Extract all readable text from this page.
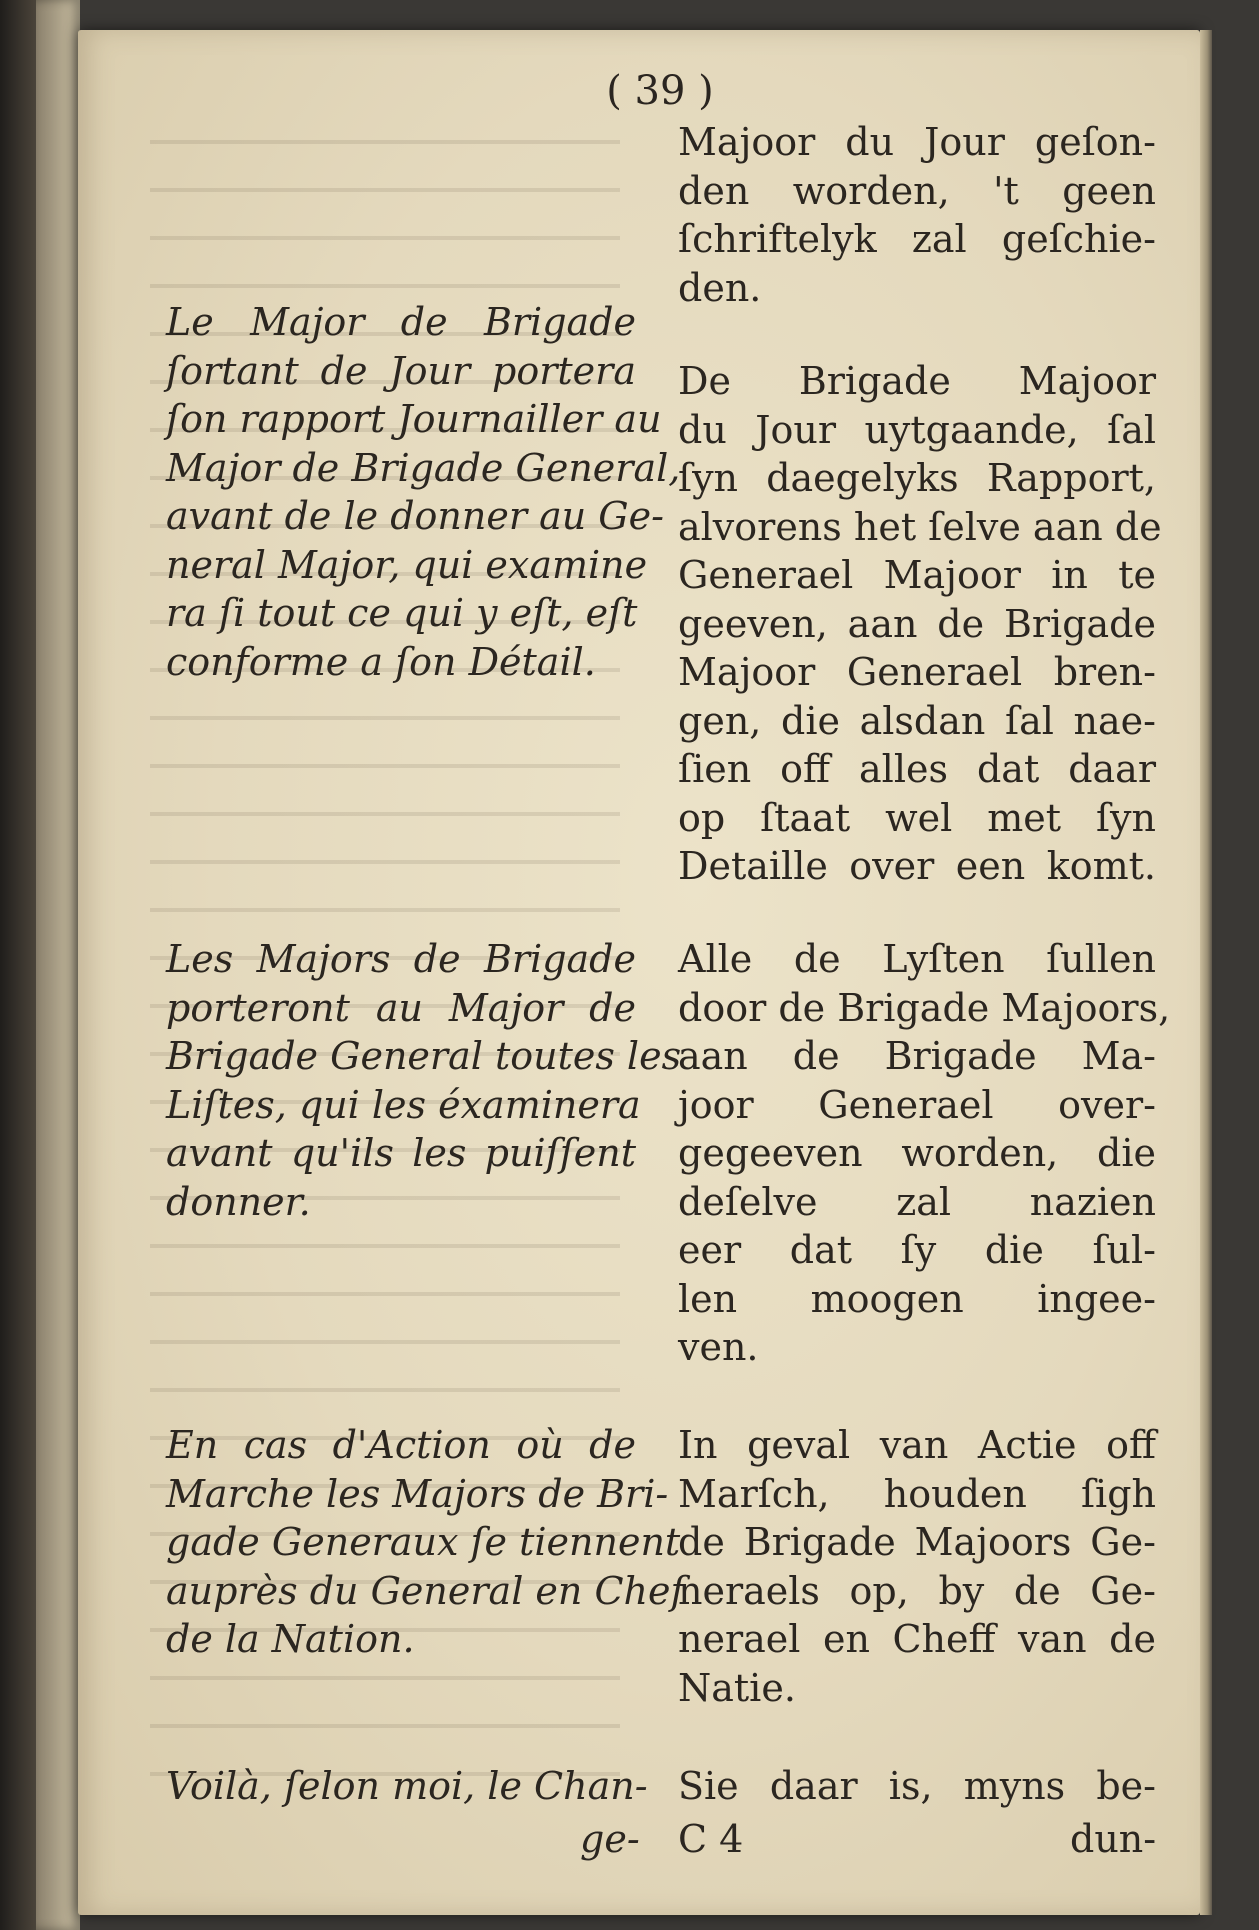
( 39 )
Le Major de Brigade
ſortant de Jour portera
ſon rapport Journailler au
Major de Brigade General,
avant de le donner au Ge-
neral Major, qui examine
ra ſi tout ce qui y eſt, eſt
conforme a ſon Détail.
Les Majors de Brigade
porteront au Major de
Brigade General toutes les
Liſtes, qui les éxaminera
avant qu'ils les puiſſent
donner.
En cas d'Action où de
Marche les Majors de Bri-
gade Generaux ſe tiennent
auprès du General en Chef
de la Nation.
Voilà, ſelon moi, le Chan-
Majoor du Jour geſon-
den worden, 't geen
ſchriftelyk zal geſchie-
den.
De Brigade Majoor
du Jour uytgaande, ſal
ſyn daegelyks Rapport,
alvorens het ſelve aan de
Generael Majoor in te
geeven, aan de Brigade
Majoor Generael bren-
gen, die alsdan ſal nae-
ſien off alles dat daar
op ſtaat wel met ſyn
Detaille over een komt.
Alle de Lyſten ſullen
door de Brigade Majoors,
aan de Brigade Ma-
joor Generael over-
gegeeven worden, die
deſelve zal nazien
eer dat ſy die ſul-
len moogen ingee-
ven.
In geval van Actie off
Marſch, houden ſigh
de Brigade Majoors Ge-
neraels op, by de Ge-
nerael en Cheff van de
Natie.
Sie daar is, myns be-
ge- C 4	dun-
